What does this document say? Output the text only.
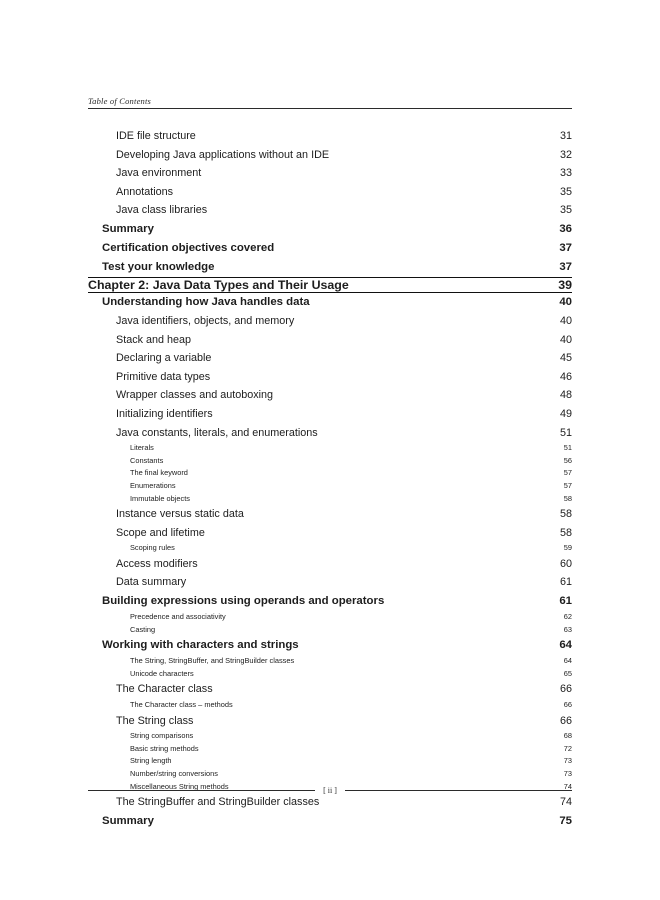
Table of Contents
IDE file structure	31
Developing Java applications without an IDE	32
Java environment	33
Annotations	35
Java class libraries	35
Summary	36
Certification objectives covered	37
Test your knowledge	37

Chapter 2: Java Data Types and Their Usage	39

Understanding how Java handles data	40
Java identifiers, objects, and memory	40
Stack and heap	40
Declaring a variable	45
Primitive data types	46
Wrapper classes and autoboxing	48
Initializing identifiers	49
Java constants, literals, and enumerations	51
Literals	51
Constants	56
The final keyword	57
Enumerations	57
Immutable objects	58
Instance versus static data	58
Scope and lifetime	58
Scoping rules	59
Access modifiers	60
Data summary	61
Building expressions using operands and operators	61
Precedence and associativity	62
Casting	63
Working with characters and strings	64
The String, StringBuffer, and StringBuilder classes	64
Unicode characters	65
The Character class	66
The Character class – methods	66
The String class	66
String comparisons	68
Basic string methods	72
String length	73
Number/string conversions	73
Miscellaneous String methods	74
The StringBuffer and StringBuilder classes	74
Summary	75
[ ii ]
